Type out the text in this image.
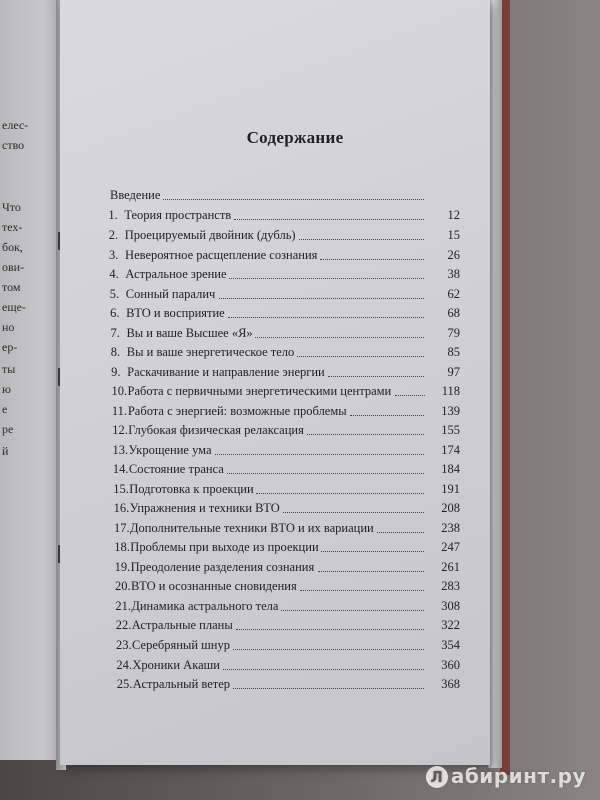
елес-
ство
Что
тех-
бок,
ови-
том
еще-
но
ер-
ты
ю
е
ре
й
Содержание
Введение
1. Теория пространств	12
2. Проецируемый двойник (дубль)	15
3. Невероятное расщепление сознания	26
4. Астральное зрение	38
5. Сонный паралич	62
6. ВТО и восприятие	68
7. Вы и ваше Высшее «Я»	79
8. Вы и ваше энергетическое тело	85
9. Раскачивание и направление энергии	97
10. Работа с первичными энергетическими центрами	118
11. Работа с энергией: возможные проблемы	139
12. Глубокая физическая релаксация	155
13. Укрощение ума	174
14. Состояние транса	184
15. Подготовка к проекции	191
16. Упражнения и техники ВТО	208
17. Дополнительные техники ВТО и их вариации	238
18. Проблемы при выходе из проекции	247
19. Преодоление разделения сознания	261
20. ВТО и осознанные сновидения	283
21. Динамика астрального тела	308
22. Астральные планы	322
23. Серебряный шнур	354
24. Хроники Акаши	360
25. Астральный ветер	368
Л абиринт.ру
